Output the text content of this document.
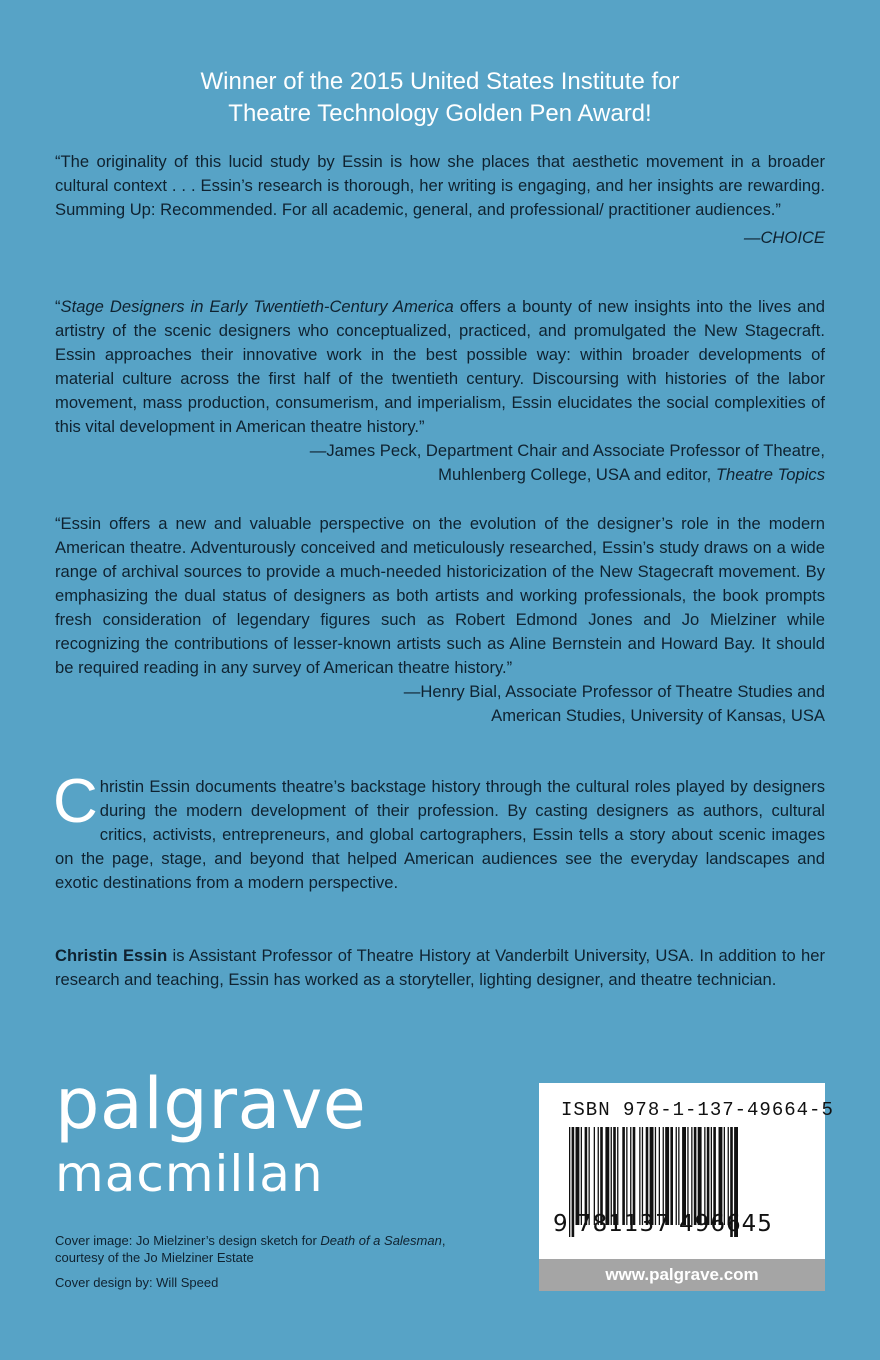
Winner of the 2015 United States Institute for
Theatre Technology Golden Pen Award!

“The originality of this lucid study by Essin is how she places that aesthetic movement in a broader cultural context . . . Essin’s research is thorough, her writing is engaging, and her insights are rewarding. Summing Up: Recommended. For all academic, general, and professional/ practitioner audiences.”

—CHOICE

“Stage Designers in Early Twentieth-Century America offers a bounty of new insights into the lives and artistry of the scenic designers who conceptualized, practiced, and promulgated the New Stagecraft. Essin approaches their innovative work in the best possible way: within broader developments of material culture across the first half of the twentieth century. Discoursing with histories of the labor movement, mass production, consumerism, and imperialism, Essin elucidates the social complexities of this vital development in American theatre history.”

—James Peck, Department Chair and Associate Professor of Theatre,
Muhlenberg College, USA and editor, Theatre Topics

“Essin offers a new and valuable perspective on the evolution of the designer’s role in the modern American theatre. Adventurously conceived and meticulously researched, Essin’s study draws on a wide range of archival sources to provide a much-needed historicization of the New Stagecraft movement. By emphasizing the dual status of designers as both artists and working professionals, the book prompts fresh consideration of legendary figures such as Robert Edmond Jones and Jo Mielziner while recognizing the contributions of lesser-known artists such as Aline Bernstein and Howard Bay. It should be required reading in any survey of American theatre history.”

—Henry Bial, Associate Professor of Theatre Studies and
American Studies, University of Kansas, USA

Christin Essin documents theatre’s backstage history through the cultural roles played by designers during the modern development of their profession. By casting designers as authors, cultural critics, activists, entrepreneurs, and global cartographers, Essin tells a story about scenic images on the page, stage, and beyond that helped American audiences see the everyday landscapes and exotic destinations from a modern perspective.

Christin Essin is Assistant Professor of Theatre History at Vanderbilt University, USA. In addition to her research and teaching, Essin has worked as a storyteller, lighting designer, and theatre technician.

palgrave
macmillan
Cover image: Jo Mielziner’s design sketch for Death of a Salesman,
courtesy of the Jo Mielziner Estate
Cover design by: Will Speed
ISBN 978-1-137-49664-5
9 781137 496645
www.palgrave.com
